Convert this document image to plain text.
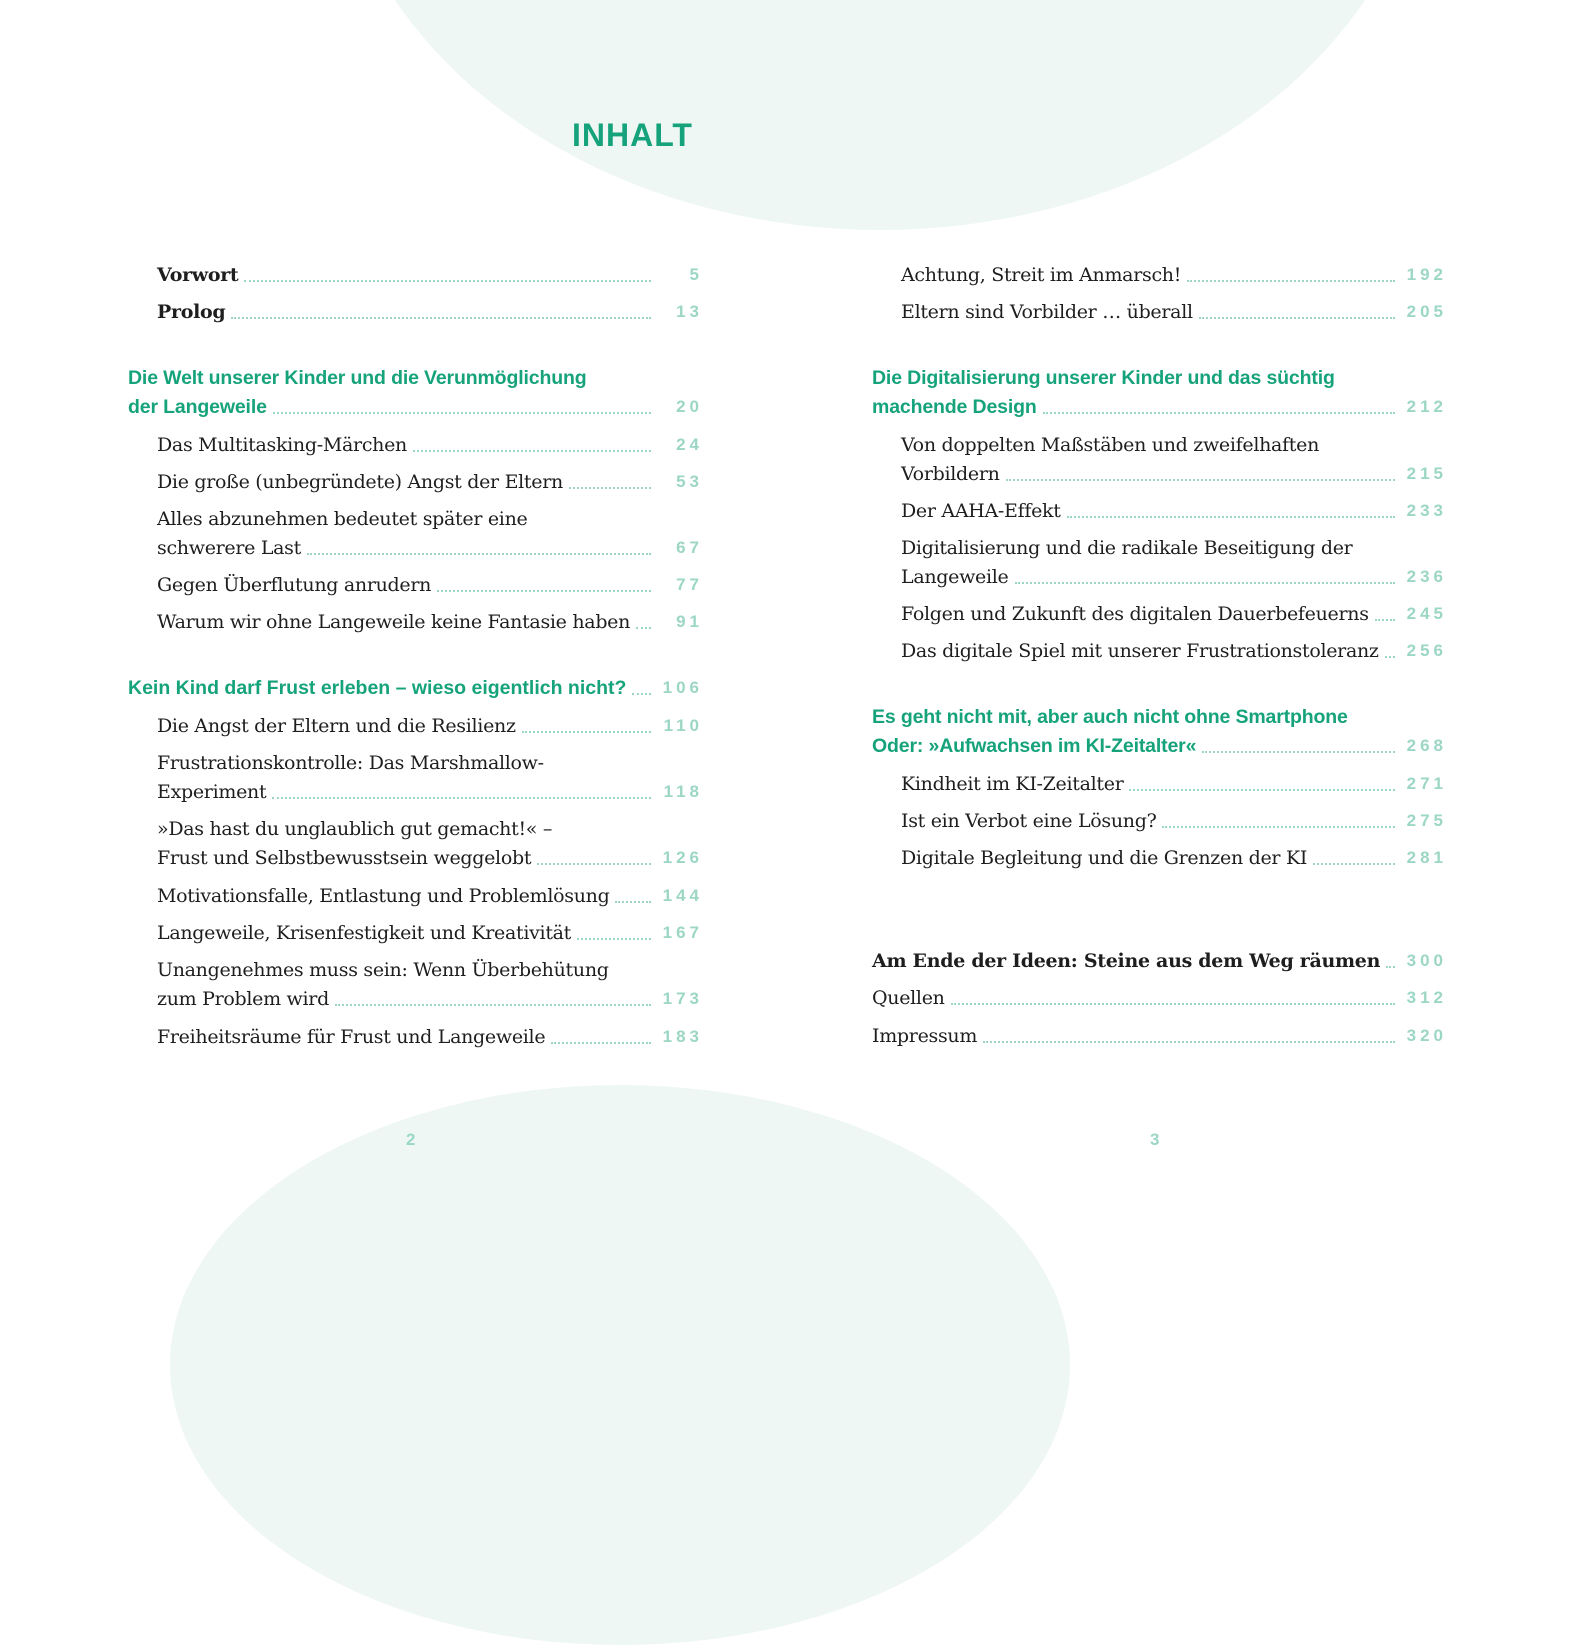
INHALT
Vorwort	5
Prolog	13
Die Welt unserer Kinder und die Verunmöglichung
der Langeweile	20
Das Multitasking-Märchen	24
Die große (unbegründete) Angst der Eltern	53
Alles abzunehmen bedeutet später eine
schwerere Last	67
Gegen Überflutung anrudern	77
Warum wir ohne Langeweile keine Fantasie haben	91
Kein Kind darf Frust erleben – wieso eigentlich nicht?	106
Die Angst der Eltern und die Resilienz	110
Frustrationskontrolle: Das Marshmallow-
Experiment	118
»Das hast du unglaublich gut gemacht!« –
Frust und Selbstbewusstsein weggelobt	126
Motivationsfalle, Entlastung und Problemlösung	144
Langeweile, Krisenfestigkeit und Kreativität	167
Unangenehmes muss sein: Wenn Überbehütung
zum Problem wird	173
Freiheitsräume für Frust und Langeweile	183
Achtung, Streit im Anmarsch!	192
Eltern sind Vorbilder … überall	205
Die Digitalisierung unserer Kinder und das süchtig
machende Design	212
Von doppelten Maßstäben und zweifelhaften
Vorbildern	215
Der AAHA-Effekt	233
Digitalisierung und die radikale Beseitigung der
Langeweile	236
Folgen und Zukunft des digitalen Dauerbefeuerns	245
Das digitale Spiel mit unserer Frustrationstoleranz	256
Es geht nicht mit, aber auch nicht ohne Smartphone
Oder: »Aufwachsen im KI-Zeitalter«	268
Kindheit im KI-Zeitalter	271
Ist ein Verbot eine Lösung?	275
Digitale Begleitung und die Grenzen der KI	281
Am Ende der Ideen: Steine aus dem Weg räumen	300
Quellen	312
Impressum	320

2	3
